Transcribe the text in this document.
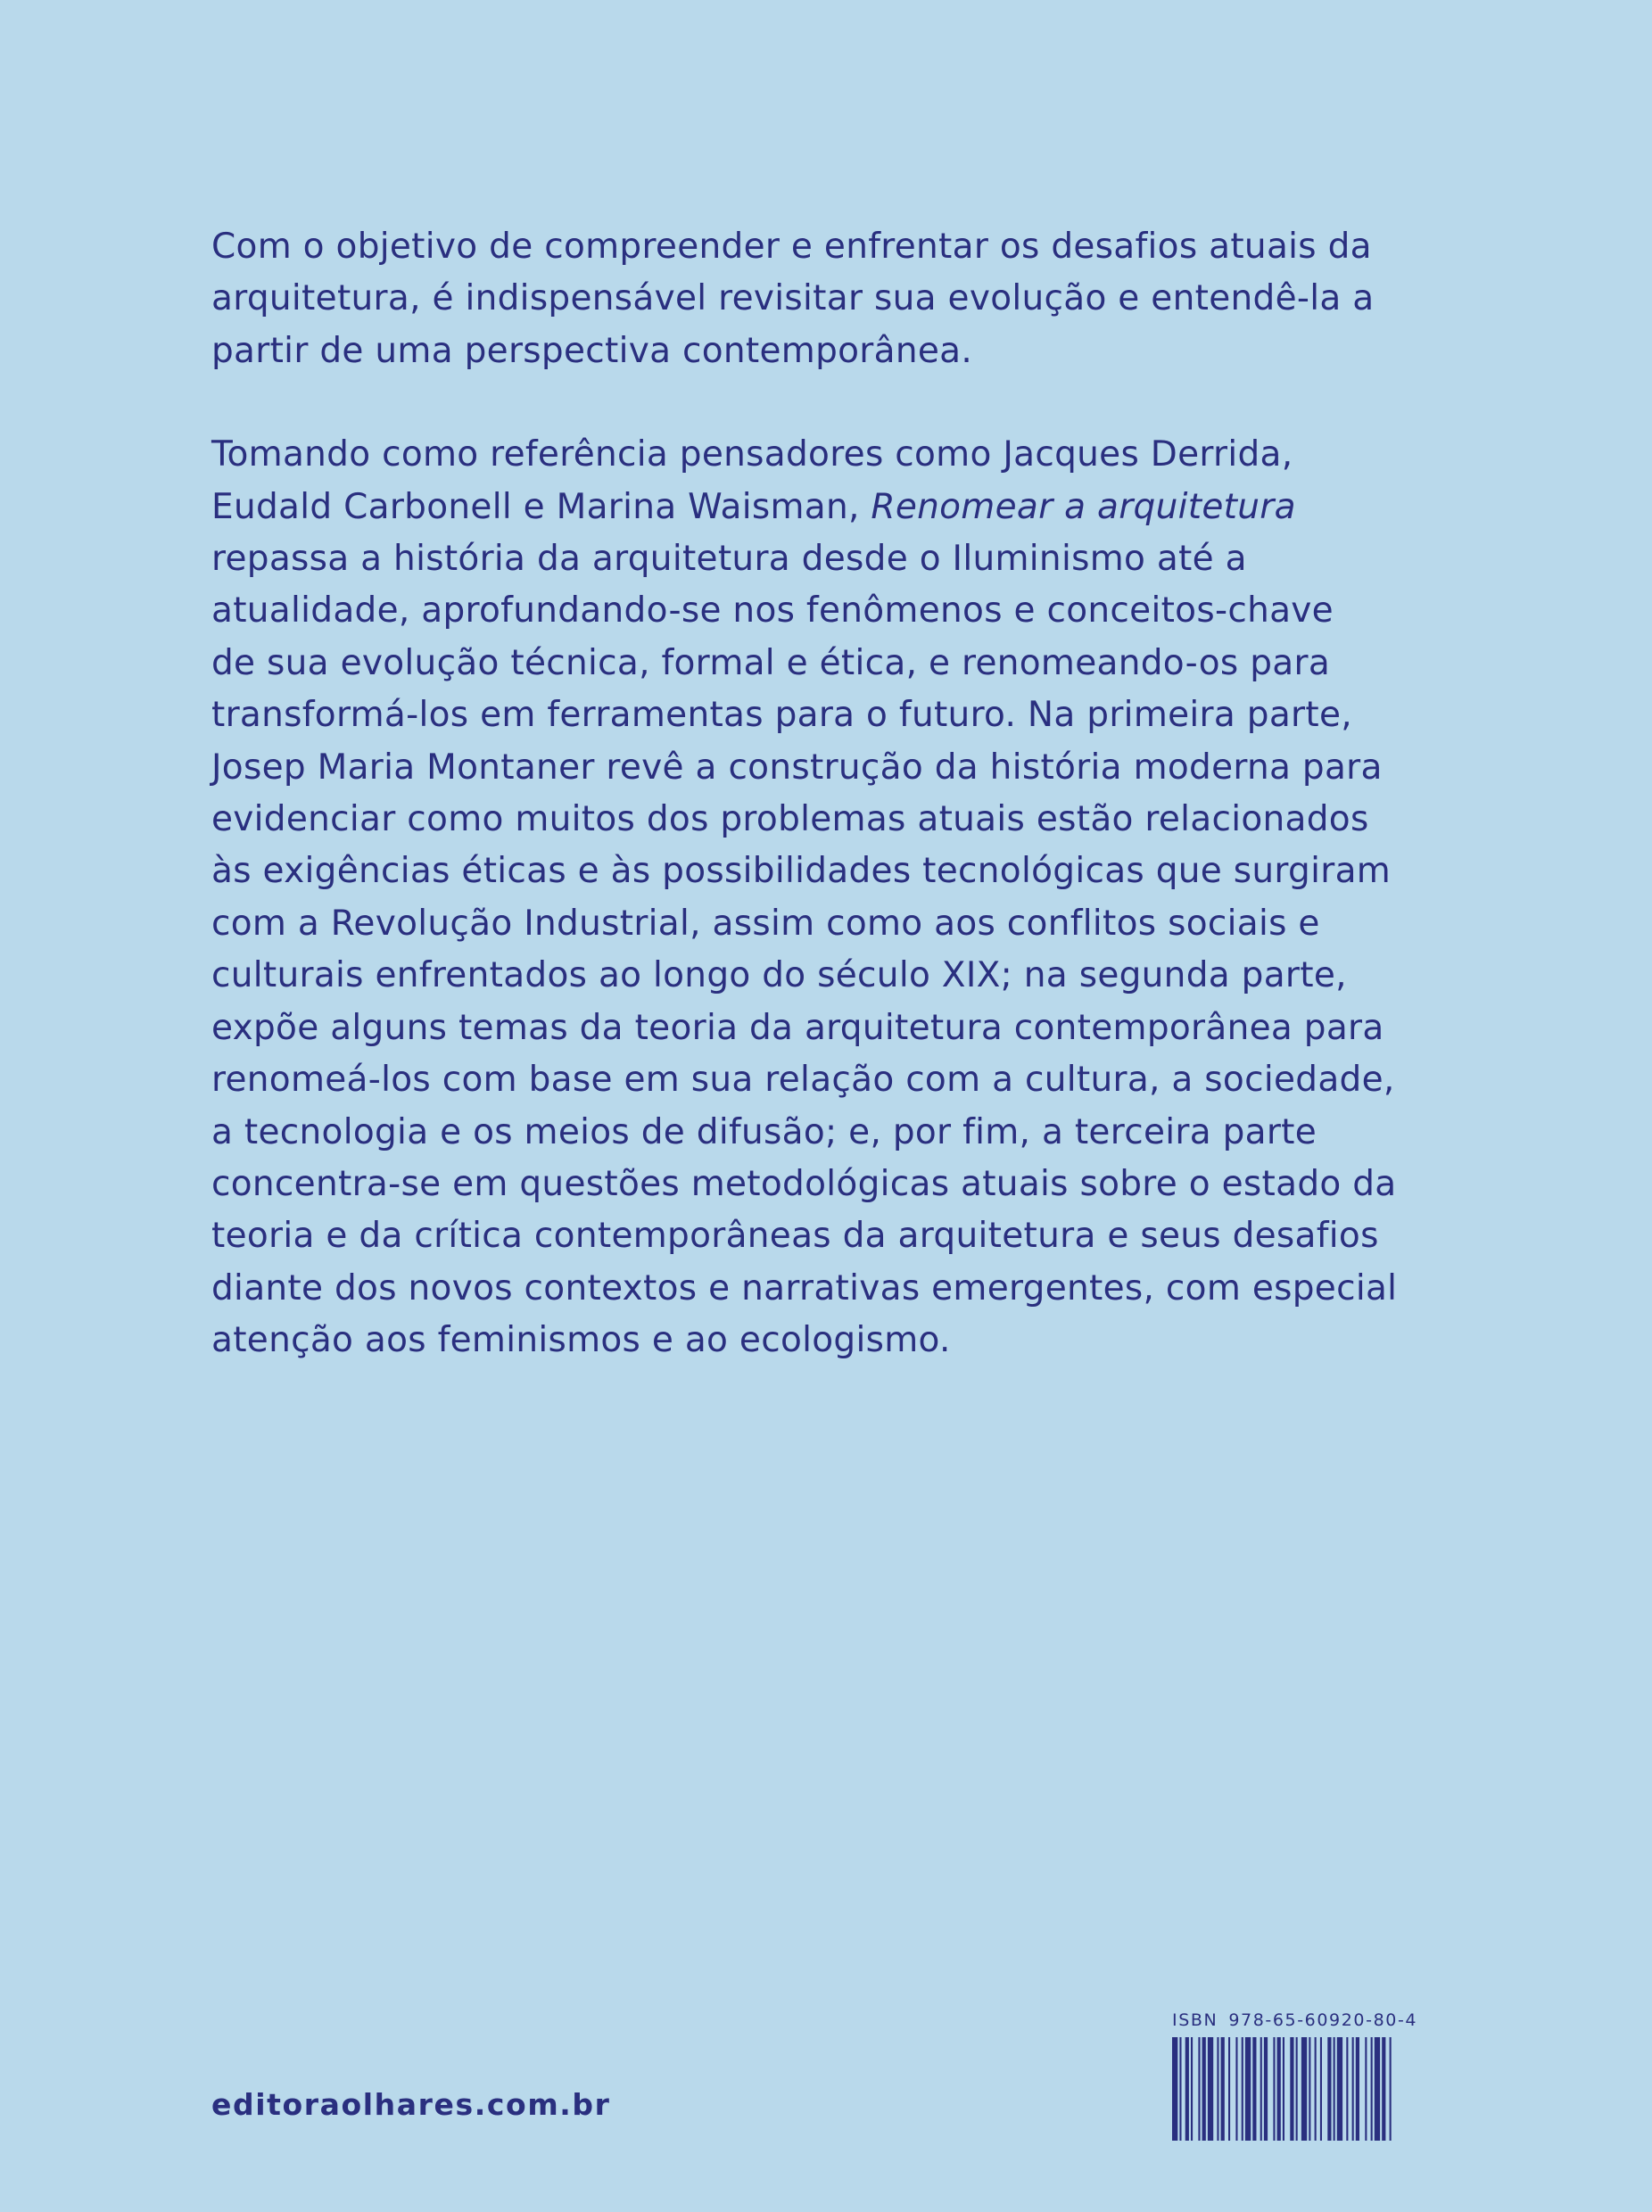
Com o objetivo de compreender e enfrentar os desafios atuais da
arquitetura, é indispensável revisitar sua evolução e entendê-la a
partir de uma perspectiva contemporânea.

Tomando como referência pensadores como Jacques Derrida,
Eudald Carbonell e Marina Waisman, Renomear a arquitetura
repassa a história da arquitetura desde o Iluminismo até a
atualidade, aprofundando-se nos fenômenos e conceitos-chave
de sua evolução técnica, formal e ética, e renomeando-os para
transformá-los em ferramentas para o futuro. Na primeira parte,
Josep Maria Montaner revê a construção da história moderna para
evidenciar como muitos dos problemas atuais estão relacionados
às exigências éticas e às possibilidades tecnológicas que surgiram
com a Revolução Industrial, assim como aos conflitos sociais e
culturais enfrentados ao longo do século XIX; na segunda parte,
expõe alguns temas da teoria da arquitetura contemporânea para
renomeá-los com base em sua relação com a cultura, a sociedade,
a tecnologia e os meios de difusão; e, por fim, a terceira parte
concentra-se em questões metodológicas atuais sobre o estado da
teoria e da crítica contemporâneas da arquitetura e seus desafios
diante dos novos contextos e narrativas emergentes, com especial
atenção aos feminismos e ao ecologismo.

editoraolhares.com.br
ISBN 978-65-60920-80-4
